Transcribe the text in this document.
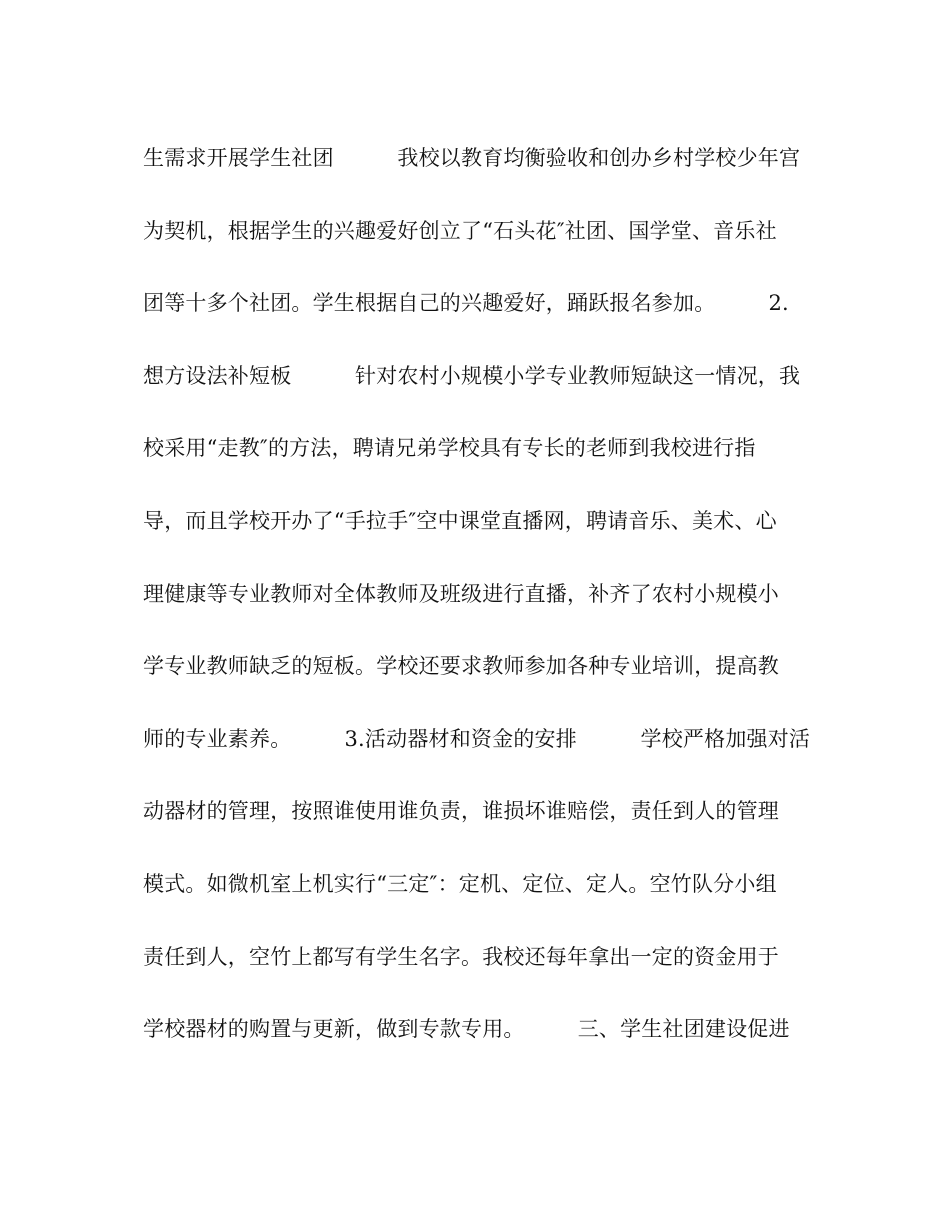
生需求开展学生社团　　　我校以教育均衡验收和创办乡村学校少年宫
为契机，根据学生的兴趣爱好创立了“石头花″社团、国学堂、音乐社
团等十多个社团。学生根据自己的兴趣爱好，踊跃报名参加。　　　2.
想方设法补短板　　　针对农村小规模小学专业教师短缺这一情况，我
校采用“走教″的方法，聘请兄弟学校具有专长的老师到我校进行指
导，而且学校开办了“手拉手″空中课堂直播网，聘请音乐、美术、心
理健康等专业教师对全体教师及班级进行直播，补齐了农村小规模小
学专业教师缺乏的短板。学校还要求教师参加各种专业培训，提高教
师的专业素养。　　　3.活动器材和资金的安排　　　学校严格加强对活
动器材的管理，按照谁使用谁负责，谁损坏谁赔偿，责任到人的管理
模式。如微机室上机实行“三定″：定机、定位、定人。空竹队分小组
责任到人，空竹上都写有学生名字。我校还每年拿出一定的资金用于
学校器材的购置与更新，做到专款专用。　　　三、学生社团建设促进
